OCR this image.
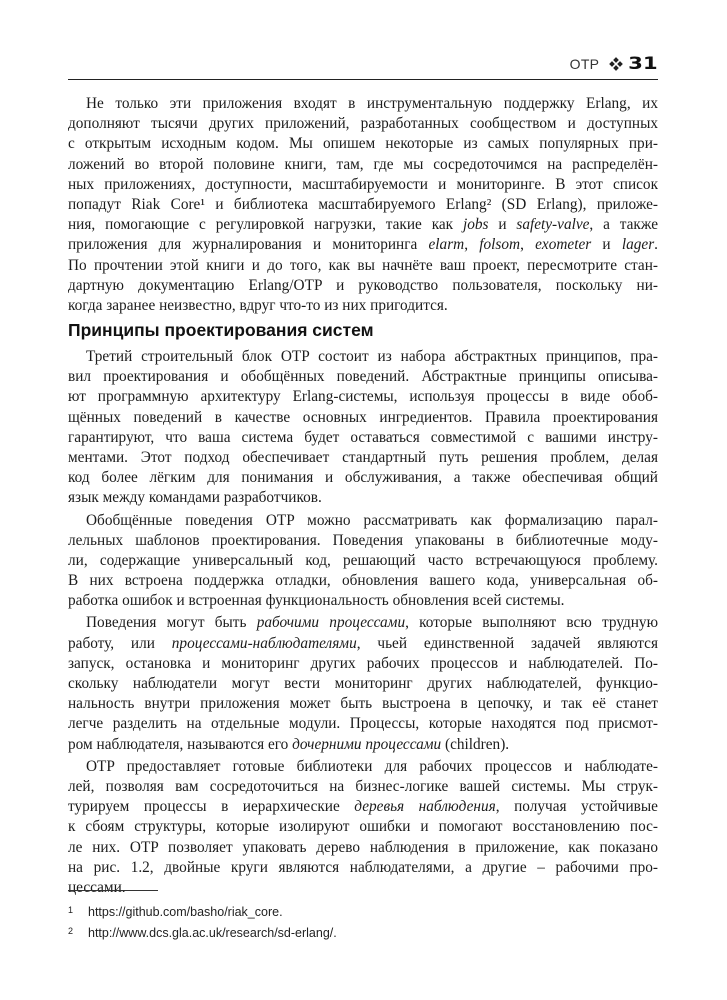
OTP 31
Не только эти приложения входят в инструментальную поддержку Erlang, их
дополняют тысячи других приложений, разработанных сообществом и доступных
с открытым исходным кодом. Мы опишем некоторые из самых популярных при-
ложений во второй половине книги, там, где мы сосредоточимся на распределён-
ных приложениях, доступности, масштабируемости и мониторинге. В этот список
попадут Riak Core¹ и библиотека масштабируемого Erlang² (SD Erlang), приложе-
ния, помогающие с регулировкой нагрузки, такие как jobs и safety-valve, а также
приложения для журналирования и мониторинга elarm, folsom, exometer и lager.
По прочтении этой книги и до того, как вы начнёте ваш проект, пересмотрите стан-
дартную документацию Erlang/OTP и руководство пользователя, поскольку ни-
когда заранее неизвестно, вдруг что-то из них пригодится.
Принципы проектирования систем
Третий строительный блок OTP состоит из набора абстрактных принципов, пра-
вил проектирования и обобщённых поведений. Абстрактные принципы описыва-
ют программную архитектуру Erlang-системы, используя процессы в виде обоб-
щённых поведений в качестве основных ингредиентов. Правила проектирования
гарантируют, что ваша система будет оставаться совместимой с вашими инстру-
ментами. Этот подход обеспечивает стандартный путь решения проблем, делая
код более лёгким для понимания и обслуживания, а также обеспечивая общий
язык между командами разработчиков.
Обобщённые поведения OTP можно рассматривать как формализацию парал-
лельных шаблонов проектирования. Поведения упакованы в библиотечные моду-
ли, содержащие универсальный код, решающий часто встречающуюся проблему.
В них встроена поддержка отладки, обновления вашего кода, универсальная об-
работка ошибок и встроенная функциональность обновления всей системы.
Поведения могут быть рабочими процессами, которые выполняют всю трудную
работу, или процессами-наблюдателями, чьей единственной задачей являются
запуск, остановка и мониторинг других рабочих процессов и наблюдателей. По-
скольку наблюдатели могут вести мониторинг других наблюдателей, функцио-
нальность внутри приложения может быть выстроена в цепочку, и так её станет
легче разделить на отдельные модули. Процессы, которые находятся под присмот-
ром наблюдателя, называются его дочерними процессами (children).
OTP предоставляет готовые библиотеки для рабочих процессов и наблюдате-
лей, позволяя вам сосредоточиться на бизнес-логике вашей системы. Мы струк-
турируем процессы в иерархические деревья наблюдения, получая устойчивые
к сбоям структуры, которые изолируют ошибки и помогают восстановлению пос-
ле них. OTP позволяет упаковать дерево наблюдения в приложение, как показано
на рис. 1.2, двойные круги являются наблюдателями, а другие – рабочими про-
цессами.
1 https://github.com/basho/riak_core.
2 http://www.dcs.gla.ac.uk/research/sd-erlang/.
